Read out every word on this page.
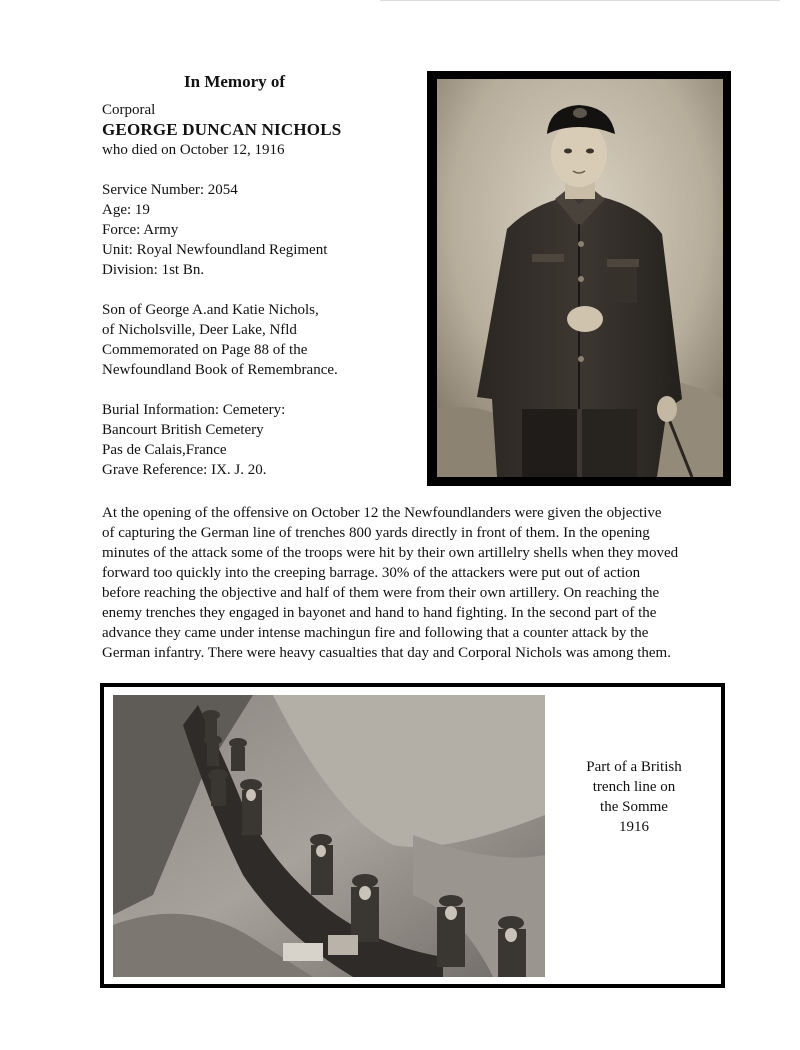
In Memory of
Corporal
GEORGE DUNCAN NICHOLS
who died on October 12, 1916
Service Number: 2054
Age: 19
Force: Army
Unit: Royal Newfoundland Regiment
Division: 1st Bn.
Son of George A.and Katie Nichols,
of Nicholsville, Deer Lake, Nfld
Commemorated on Page 88 of the
Newfoundland Book of Remembrance.
Burial Information: Cemetery:
Bancourt British Cemetery
Pas de Calais,France
Grave Reference: IX. J. 20.
At the opening of the offensive on October 12 the Newfoundlanders were given the objective
of capturing the German line of trenches 800 yards directly in front of them. In the opening
minutes of the attack some of the troops were hit by their own artillelry shells when they moved
forward too quickly into the creeping barrage. 30% of the attackers were put out of action
before reaching the objective and half of them were from their own artillery. On reaching the
enemy trenches they engaged in bayonet and hand to hand fighting. In the second part of the
advance they came under intense machingun fire and following that a counter attack by the
German infantry. There were heavy casualties that day and Corporal Nichols was among them.
Part of a British
trench line on
the Somme
1916
